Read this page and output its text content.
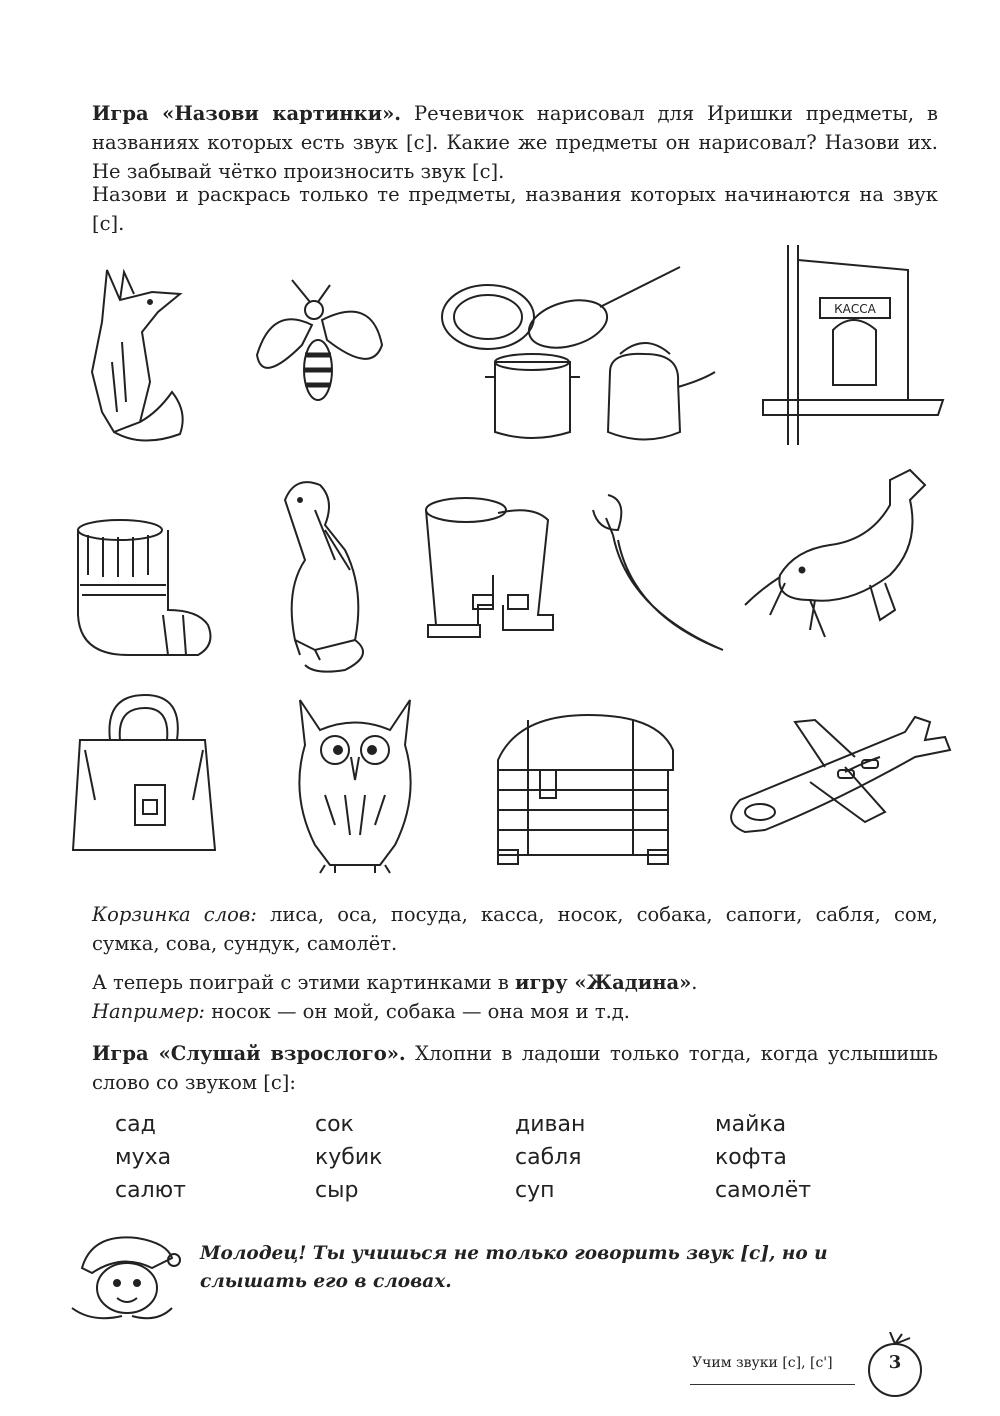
Игра «Назови картинки». Речевичок нарисовал для Иришки предметы, в названиях которых есть звук [с]. Какие же предметы он нарисовал? Назови их. Не забывай чётко произносить звук [с].

Назови и раскрась только те предметы, названия которых начинаются на звук [с].

КАССА

Корзинка слов: лиса, оса, посуда, касса, носок, собака, сапоги, сабля, сом, сумка, сова, сундук, самолёт.

А теперь поиграй с этими картинками в игру «Жадина».
Например: носок — он мой, собака — она моя и т.д.

Игра «Слушай взрослого». Хлопни в ладоши только тогда, когда услышишь слово со звуком [с]:

сад
муха
салют
сок
кубик
сыр
диван
сабля
суп
майка
кофта
самолёт

Молодец! Ты учишься не только говорить звук [с], но и слышать его в словах.

Учим звуки [с], [с']	3
